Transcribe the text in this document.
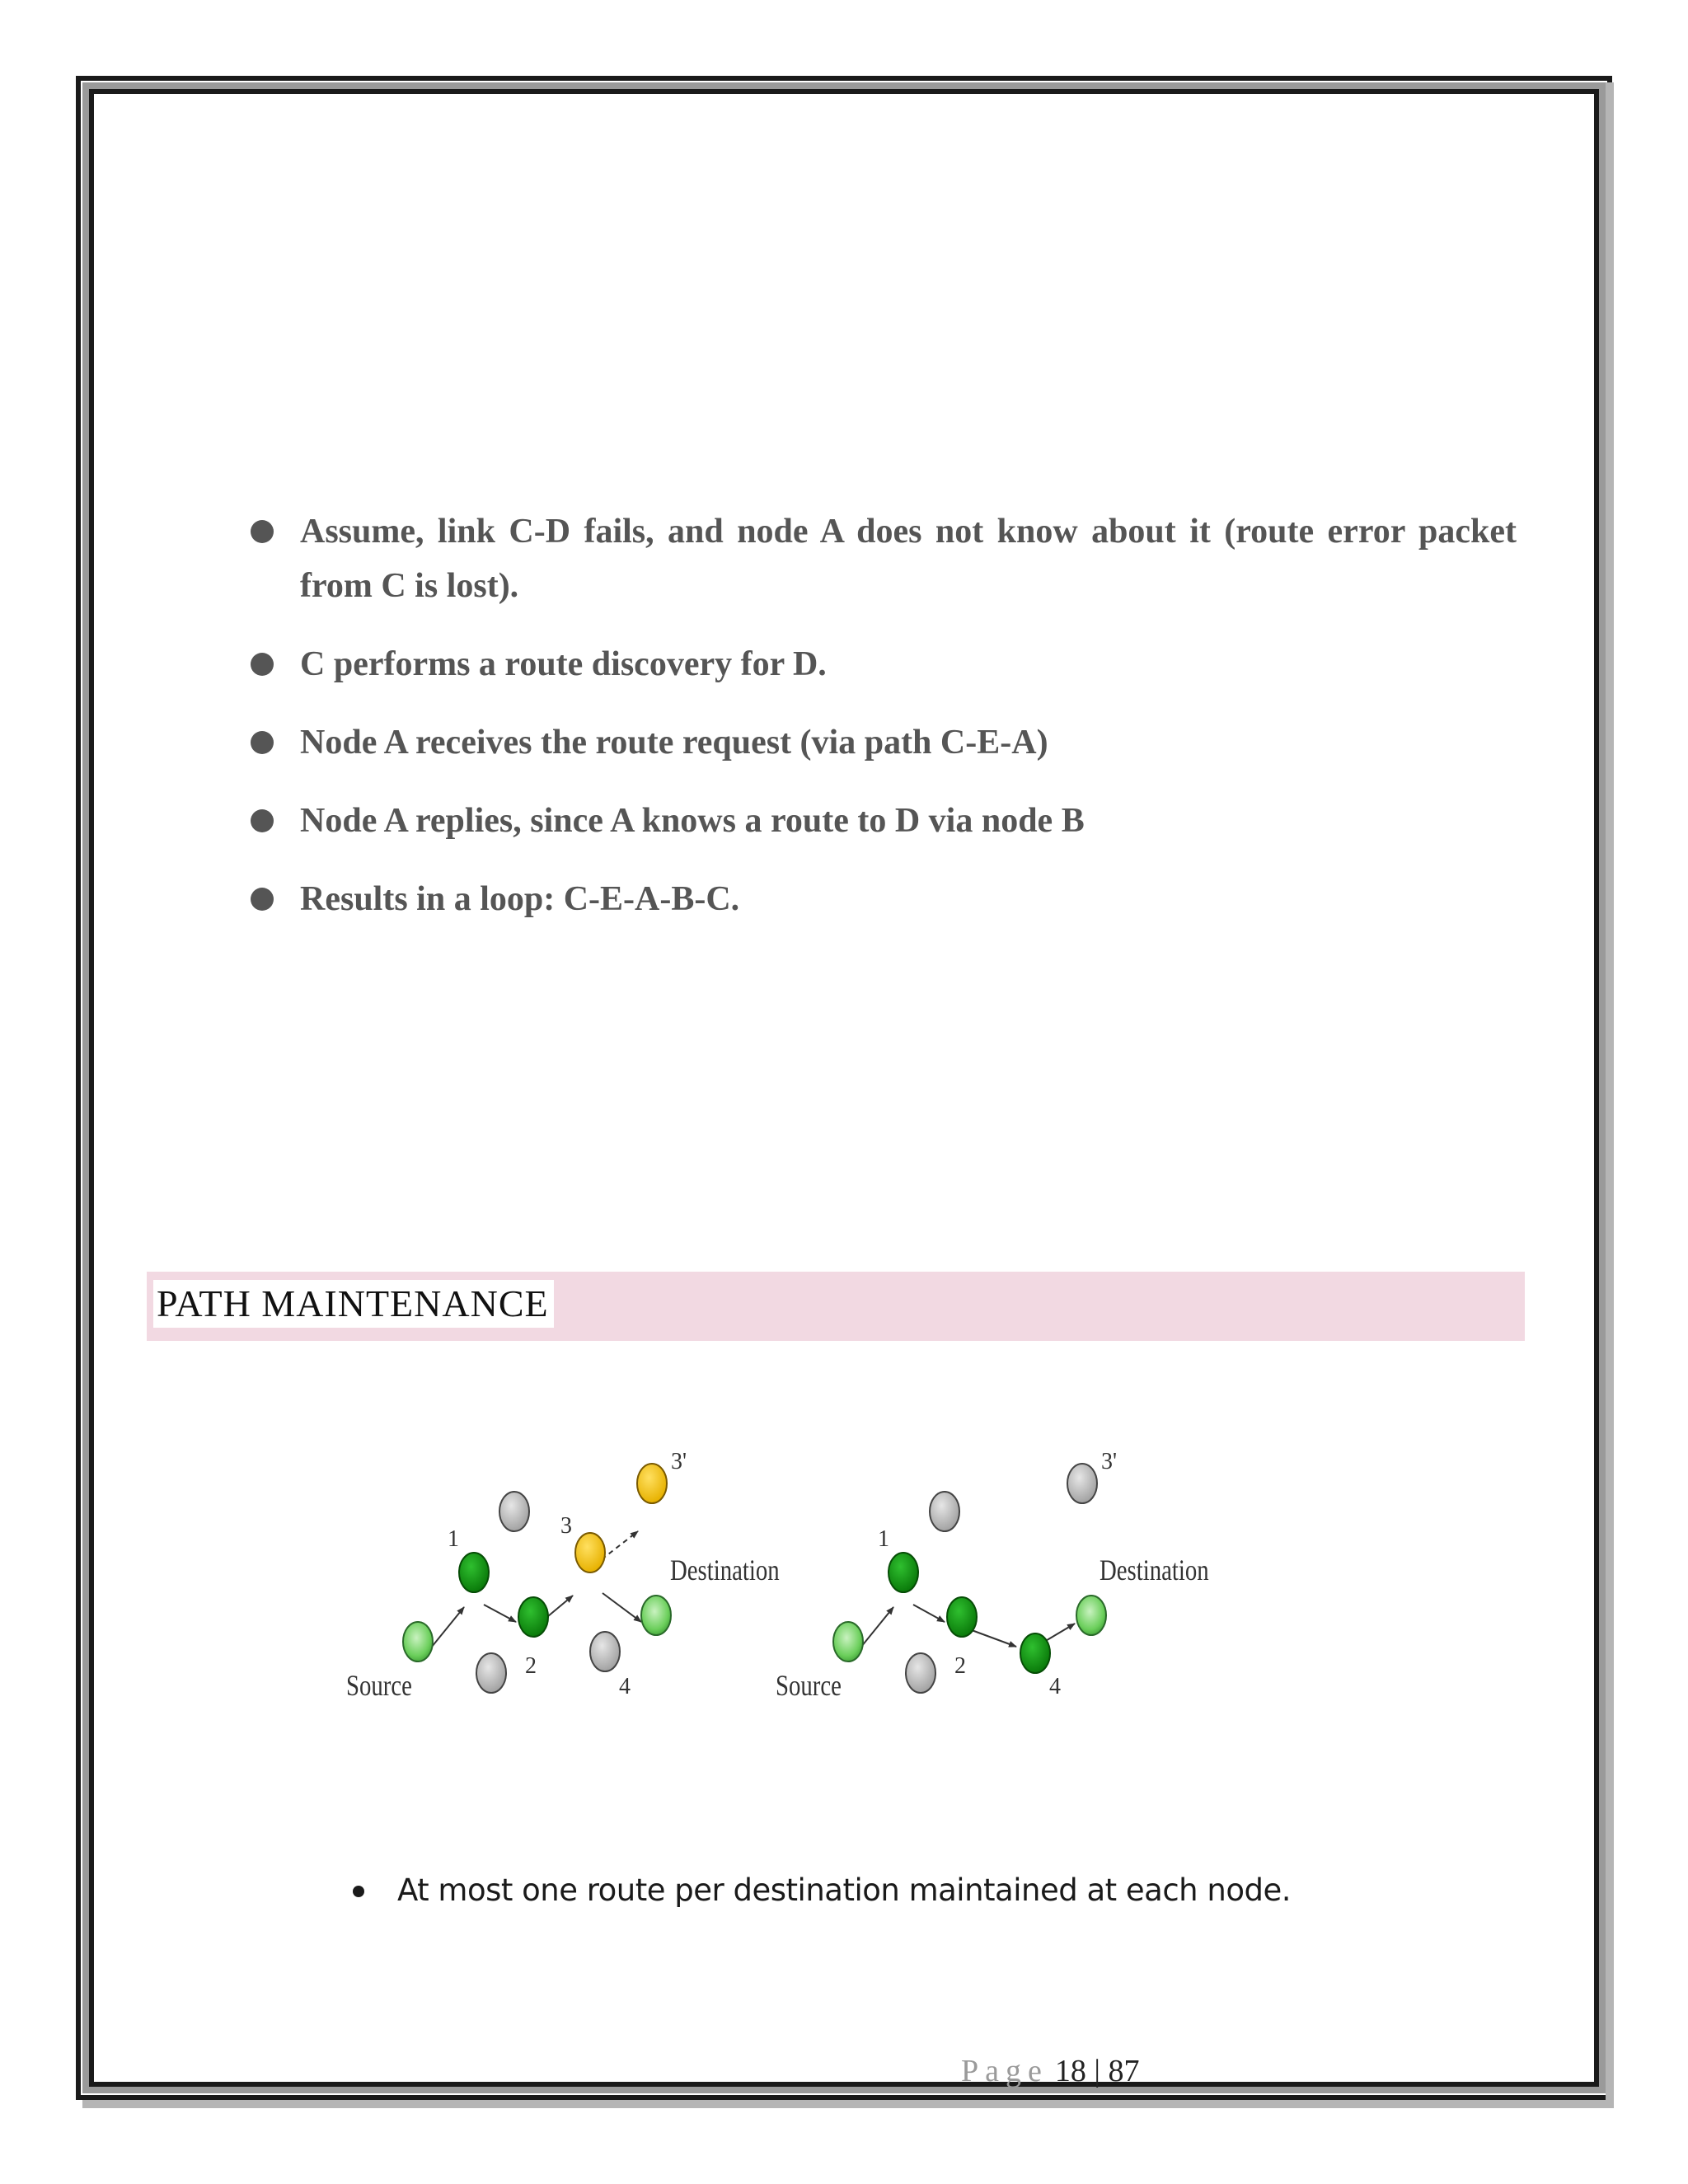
Assume, link C-D fails, and node A does not know about it (route error packet from C is lost).
C performs a route discovery for D.
Node A receives the route request (via path C-E-A)
Node A replies, since A knows a route to D via node B
Results in a loop: C-E-A-B-C.
PATH MAINTENANCE
Source
Destination
1
2
3
3'
4	Source
Destination
1
2
3'
4
At most one route per destination maintained at each node.
Page 18 | 87
